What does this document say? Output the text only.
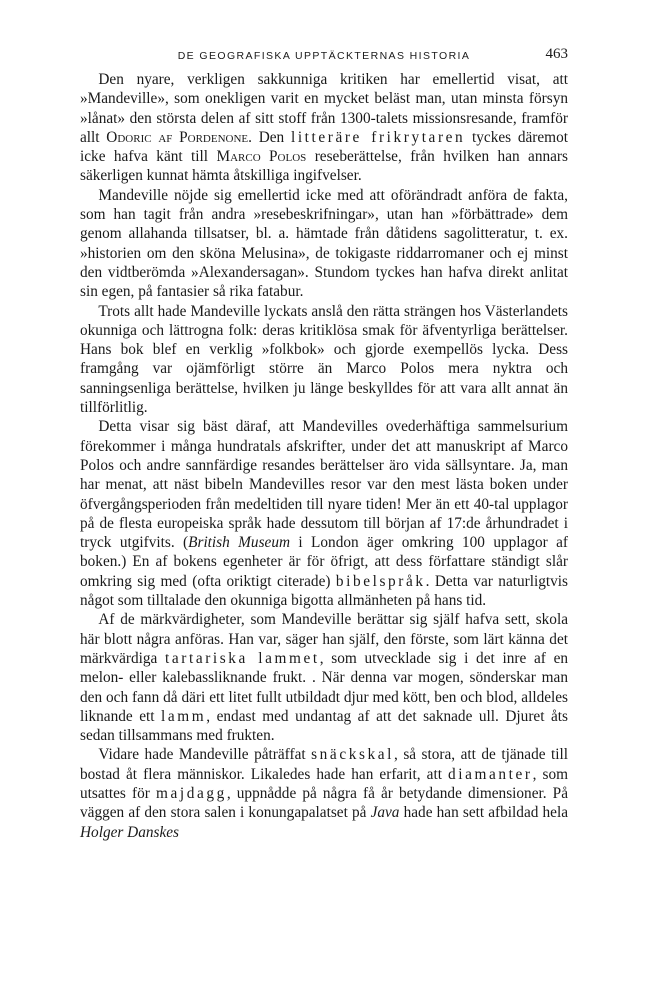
DE GEOGRAFISKA UPPTÄCKTERNAS HISTORIA	463

Den nyare, verkligen sakkunniga kritiken har emellertid visat, att »Mandeville», som onekligen varit en mycket beläst man, utan minsta försyn »lånat» den största delen af sitt stoff från 1300-talets missionsresande, framför allt Odoric af Pordenone. Den litteräre frikrytaren tyckes däremot icke hafva känt till Marco Polos reseberättelse, från hvilken han annars säkerligen kunnat hämta åtskilliga ingifvelser.

Mandeville nöjde sig emellertid icke med att oförändradt anföra de fakta, som han tagit från andra »resebeskrifningar», utan han »förbättrade» dem genom allahanda tillsatser, bl. a. hämtade från dåtidens sagolitteratur, t. ex. »historien om den sköna Melusina», de tokigaste riddarromaner och ej minst den vidtberömda »Alexandersagan». Stundom tyckes han hafva direkt anlitat sin egen, på fantasier så rika fatabur.

Trots allt hade Mandeville lyckats anslå den rätta strängen hos Västerlandets okunniga och lättrogna folk: deras kritiklösa smak för äfventyrliga berättelser. Hans bok blef en verklig »folkbok» och gjorde exempellös lycka. Dess framgång var ojämförligt större än Marco Polos mera nyktra och sanningsenliga berättelse, hvilken ju länge beskylldes för att vara allt annat än tillförlitlig.

Detta visar sig bäst däraf, att Mandevilles ovederhäftiga sammelsurium förekommer i många hundratals afskrifter, under det att manuskript af Marco Polos och andre sannfärdige resandes berättelser äro vida sällsyntare. Ja, man har menat, att näst bibeln Mandevilles resor var den mest lästa boken under öfvergångsperioden från medeltiden till nyare tiden! Mer än ett 40-tal upplagor på de flesta europeiska språk hade dessutom till början af 17:de århundradet i tryck utgifvits. (British Museum i London äger omkring 100 upplagor af boken.) En af bokens egenheter är för öfrigt, att dess författare ständigt slår omkring sig med (ofta oriktigt citerade) bibelspråk. Detta var naturligtvis något som tilltalade den okunniga bigotta allmänheten på hans tid.

Af de märkvärdigheter, som Mandeville berättar sig själf hafva sett, skola här blott några anföras. Han var, säger han själf, den förste, som lärt känna det märkvärdiga tartariska lammet, som utvecklade sig i det inre af en melon- eller kalebassliknande frukt. . När denna var mogen, sönderskar man den och fann då däri ett litet fullt utbildadt djur med kött, ben och blod, alldeles liknande ett lamm, endast med undantag af att det saknade ull. Djuret åts sedan tillsammans med frukten.

Vidare hade Mandeville påträffat snäckskal, så stora, att de tjänade till bostad åt flera människor. Likaledes hade han erfarit, att diamanter, som utsattes för majdagg, uppnådde på några få år betydande dimensioner. På väggen af den stora salen i konungapalatset på Java hade han sett afbildad hela Holger Danskes
